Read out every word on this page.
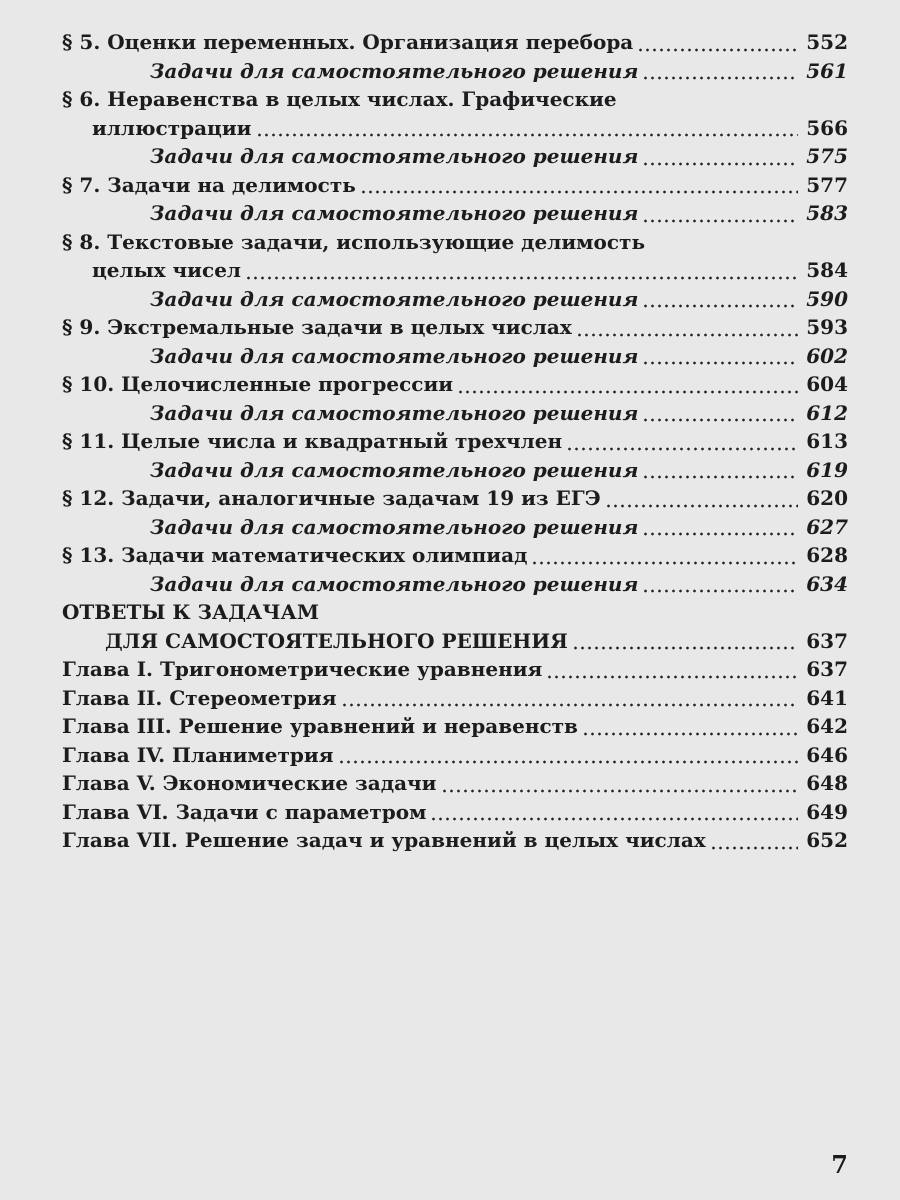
§ 5. Оценки переменных. Организация перебора	552
Задачи для самостоятельного решения	561
§ 6. Неравенства в целых числах. Графические
иллюстрации	566
Задачи для самостоятельного решения	575
§ 7. Задачи на делимость	577
Задачи для самостоятельного решения	583
§ 8. Текстовые задачи, использующие делимость
целых чисел	584
Задачи для самостоятельного решения	590
§ 9. Экстремальные задачи в целых числах	593
Задачи для самостоятельного решения	602
§ 10. Целочисленные прогрессии	604
Задачи для самостоятельного решения	612
§ 11. Целые числа и квадратный трехчлен	613
Задачи для самостоятельного решения	619
§ 12. Задачи, аналогичные задачам 19 из ЕГЭ	620
Задачи для самостоятельного решения	627
§ 13. Задачи математических олимпиад	628
Задачи для самостоятельного решения	634
ОТВЕТЫ К ЗАДАЧАМ
ДЛЯ САМОСТОЯТЕЛЬНОГО РЕШЕНИЯ	637
Глава I. Тригонометрические уравнения	637
Глава II. Стереометрия	641
Глава III. Решение уравнений и неравенств	642
Глава IV. Планиметрия	646
Глава V. Экономические задачи	648
Глава VI. Задачи с параметром	649
Глава VII. Решение задач и уравнений в целых числах	652
7
